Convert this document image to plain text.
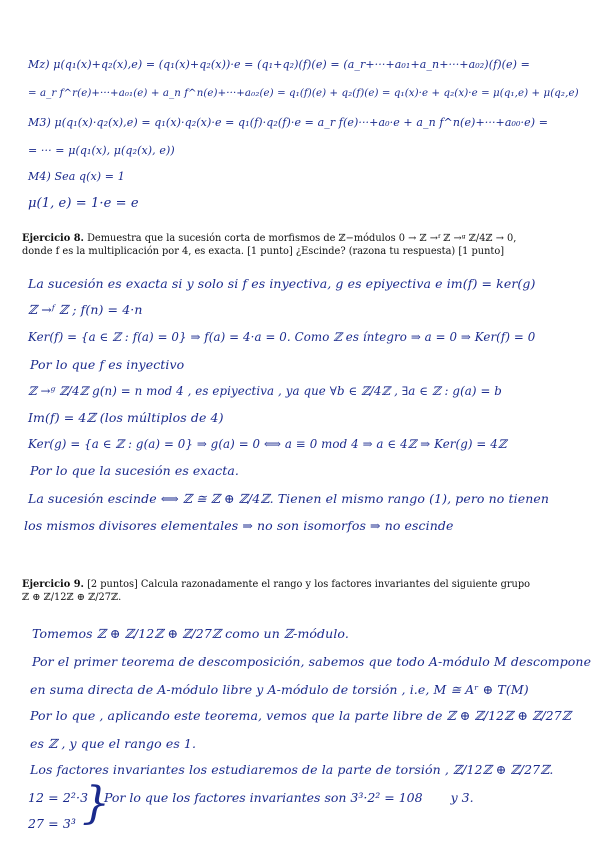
Mz) μ(q₁(x)+q₂(x),e) = (q₁(x)+q₂(x))·e = (q₁+q₂)(f)(e) = (a_r+···+a₀₁+a_n+···+a₀₂)(f)(e) =
= a_r f^r(e)+···+a₀₁(e) + a_n f^n(e)+···+a₀₂(e) = q₁(f)(e) + q₂(f)(e) = q₁(x)·e + q₂(x)·e = μ(q₁,e) + μ(q₂,e)
M3) μ(q₁(x)·q₂(x),e) = q₁(x)·q₂(x)·e = q₁(f)·q₂(f)·e = a_r f(e)···+a₀·e + a_n f^n(e)+···+a₀₀·e) =
= ··· = μ(q₁(x), μ(q₂(x), e))
M4) Sea q(x) = 1
μ(1, e) = 1·e = e
Ejercicio 8. Demuestra que la sucesión corta de morfismos de ℤ−módulos 0 → ℤ →ᶠ ℤ →ᵍ ℤ/4ℤ → 0,
donde f es la multiplicación por 4, es exacta. [1 punto] ¿Escinde? (razona tu respuesta) [1 punto]
La sucesión es exacta si y solo si f es inyectiva, g es epiyectiva e im(f) = ker(g)
ℤ →ᶠ ℤ ; f(n) = 4·n
Ker(f) = {a ∈ ℤ : f(a) = 0} ⇒ f(a) = 4·a = 0. Como ℤ es íntegro ⇒ a = 0 ⇒ Ker(f) = 0
Por lo que f es inyectivo
ℤ →ᵍ ℤ/4ℤ g(n) = n mod 4 , es epiyectiva , ya que ∀b ∈ ℤ/4ℤ , ∃a ∈ ℤ : g(a) = b
Im(f) = 4ℤ (los múltiplos de 4)
Ker(g) = {a ∈ ℤ : g(a) = 0} ⇒ g(a) = 0 ⟺ a ≡ 0 mod 4 ⇒ a ∈ 4ℤ ⇒ Ker(g) = 4ℤ
Por lo que la sucesión es exacta.
La sucesión escinde ⟺ ℤ ≅ ℤ ⊕ ℤ/4ℤ. Tienen el mismo rango (1), pero no tienen
los mismos divisores elementales ⇒ no son isomorfos ⇒ no escinde
Ejercicio 9. [2 puntos] Calcula razonadamente el rango y los factores invariantes del siguiente grupo
ℤ ⊕ ℤ/12ℤ ⊕ ℤ/27ℤ.
Tomemos ℤ ⊕ ℤ/12ℤ ⊕ ℤ/27ℤ como un ℤ-módulo.
Por el primer teorema de descomposición, sabemos que todo A-módulo M descompone
en suma directa de A-módulo libre y A-módulo de torsión , i.e, M ≅ Aʳ ⊕ T(M)
Por lo que , aplicando este teorema, vemos que la parte libre de ℤ ⊕ ℤ/12ℤ ⊕ ℤ/27ℤ
es ℤ , y que el rango es 1.
Los factores invariantes los estudiaremos de la parte de torsión , ℤ/12ℤ ⊕ ℤ/27ℤ.
12 = 2²·3
27 = 3³ }
Por lo que los factores invariantes son 3³·2² = 108 y 3.
